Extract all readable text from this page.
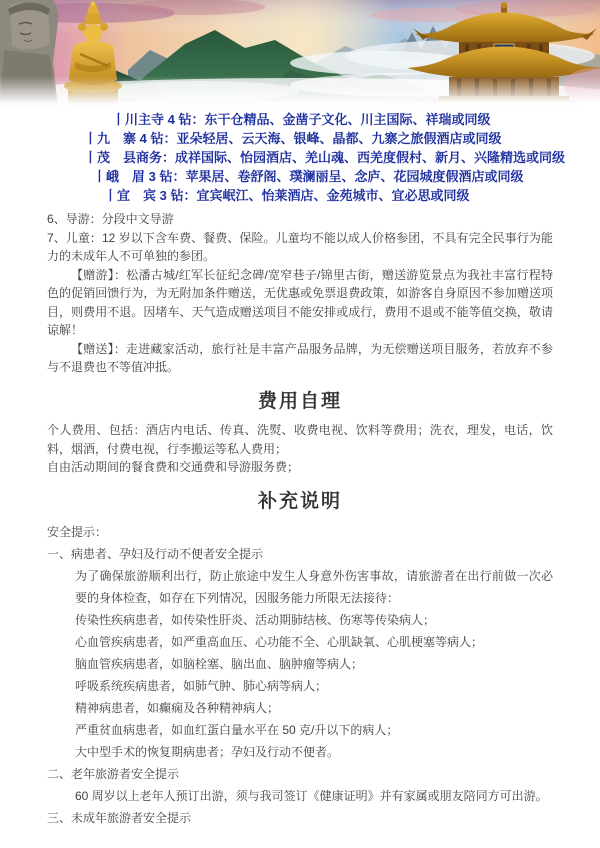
丨川主寺 4 钻：东干仓精品、金凿子文化、川主国际、祥瑞或同级
丨九　寨 4 钻：亚朵轻居、云天海、银峰、晶都、九寨之旅假酒店或同级
丨茂　县商务：成祥国际、怡园酒店、羌山魂、西羌度假村、新月、兴隆精选或同级
丨峨　眉 3 钻：苹果居、卷舒阁、璞澜丽呈、念庐、花园城度假酒店或同级
丨宜　宾 3 钻：宜宾岷江、怡莱酒店、金苑城市、宜必思或同级

6、导游：分段中文导游

7、儿童：12 岁以下含车费、餐费、保险。儿童均不能以成人价格参团，不具有完全民事行为能力的未成年人不可单独的参团。

【赠游】：松潘古城/红军长征纪念碑/宽窄巷子/锦里古街，赠送游览景点为我社丰富行程特色的促销回馈行为，为无附加条件赠送，无优惠或免票退费政策，如游客自身原因不参加赠送项目，则费用不退。因堵车、天气造成赠送项目不能安排或成行，费用不退或不能等值交换，敬请谅解！

【赠送】：走进藏家活动，旅行社是丰富产品服务品牌，为无偿赠送项目服务，若放弃不参与不退费也不等值冲抵。

费用自理

个人费用、包括：酒店内电话、传真、洗熨、收费电视、饮料等费用；洗衣，理发，电话，饮料，烟酒，付费电视，行李搬运等私人费用；

自由活动期间的餐食费和交通费和导游服务费；

补充说明

安全提示：

一、病患者、孕妇及行动不便者安全提示

为了确保旅游顺利出行，防止旅途中发生人身意外伤害事故，请旅游者在出行前做一次必要的身体检查，如存在下列情况，因服务能力所限无法接待：

传染性疾病患者，如传染性肝炎、活动期肺结核、伤寒等传染病人；

心血管疾病患者，如严重高血压、心功能不全、心肌缺氧、心肌梗塞等病人；

脑血管疾病患者，如脑栓塞、脑出血、脑肿瘤等病人；

呼吸系统疾病患者，如肺气肿、肺心病等病人；

精神病患者，如癫痫及各种精神病人；

严重贫血病患者，如血红蛋白量水平在 50 克/升以下的病人；

大中型手术的恢复期病患者；孕妇及行动不便者。

二、老年旅游者安全提示

60 周岁以上老年人预订出游，须与我司签订《健康证明》并有家属或朋友陪同方可出游。

三、未成年旅游者安全提示
